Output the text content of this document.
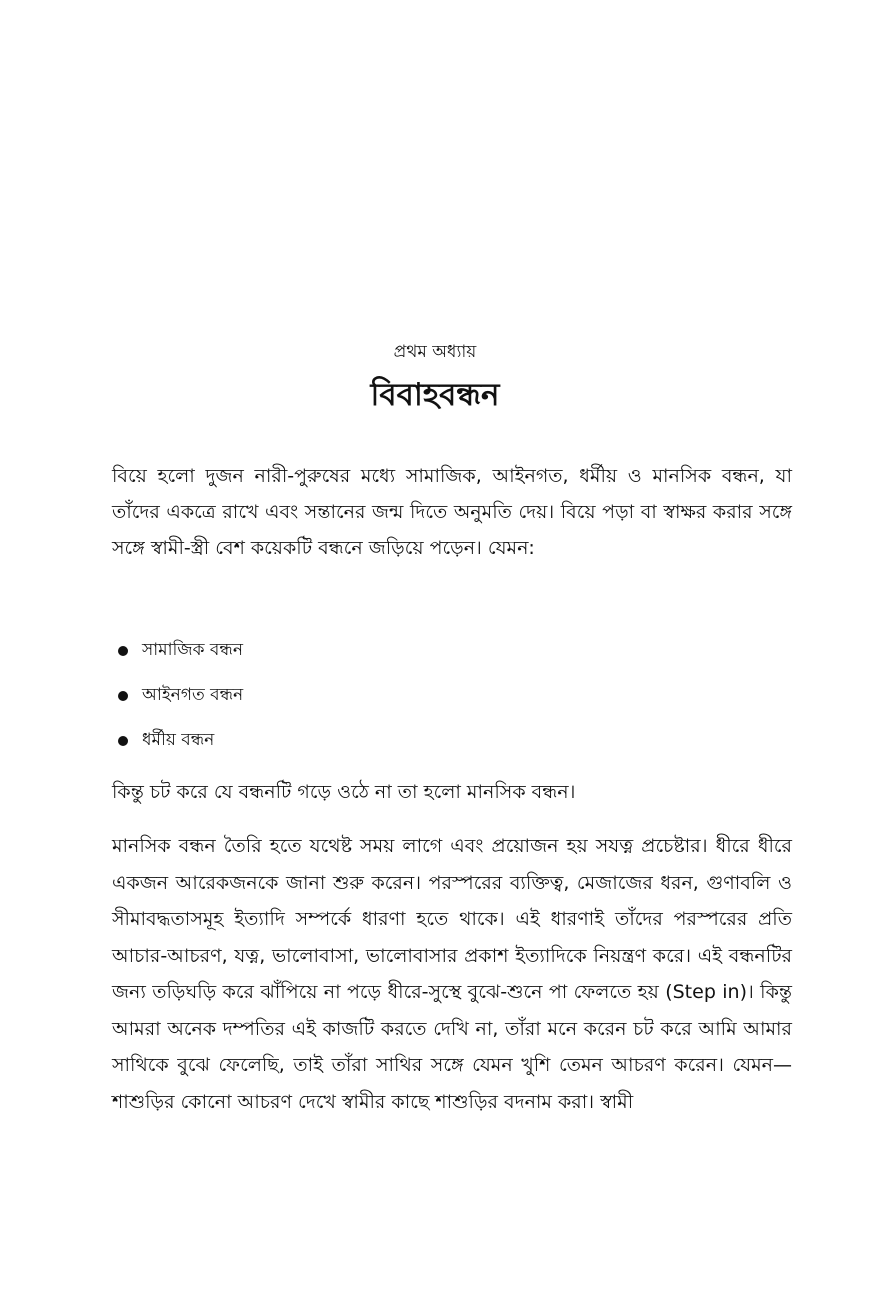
প্রথম অধ্যায়
বিবাহবন্ধন

বিয়ে হলো দুজন নারী-পুরুষের মধ্যে সামাজিক, আইনগত, ধর্মীয় ও মানসিক বন্ধন, যা তাঁদের একত্রে রাখে এবং সন্তানের জন্ম দিতে অনুমতি দেয়। বিয়ে পড়া বা স্বাক্ষর করার সঙ্গে সঙ্গে স্বামী-স্ত্রী বেশ কয়েকটি বন্ধনে জড়িয়ে পড়েন। যেমন:

সামাজিক বন্ধন
আইনগত বন্ধন
ধর্মীয় বন্ধন

কিন্তু চট করে যে বন্ধনটি গড়ে ওঠে না তা হলো মানসিক বন্ধন।

মানসিক বন্ধন তৈরি হতে যথেষ্ট সময় লাগে এবং প্রয়োজন হয় সযত্ন প্রচেষ্টার। ধীরে ধীরে একজন আরেকজনকে জানা শুরু করেন। পরস্পরের ব্যক্তিত্ব, মেজাজের ধরন, গুণাবলি ও সীমাবদ্ধতাসমূহ ইত্যাদি সম্পর্কে ধারণা হতে থাকে। এই ধারণাই তাঁদের পরস্পরের প্রতি আচার-আচরণ, যত্ন, ভালোবাসা, ভালোবাসার প্রকাশ ইত্যাদিকে নিয়ন্ত্রণ করে। এই বন্ধনটির জন্য তড়িঘড়ি করে ঝাঁপিয়ে না পড়ে ধীরে-সুস্থে বুঝে-শুনে পা ফেলতে হয় (Step in)। কিন্তু আমরা অনেক দম্পতির এই কাজটি করতে দেখি না, তাঁরা মনে করেন চট করে আমি আমার সাথিকে বুঝে ফেলেছি, তাই তাঁরা সাথির সঙ্গে যেমন খুশি তেমন আচরণ করেন। যেমন— শাশুড়ির কোনো আচরণ দেখে স্বামীর কাছে শাশুড়ির বদনাম করা। স্বামী
